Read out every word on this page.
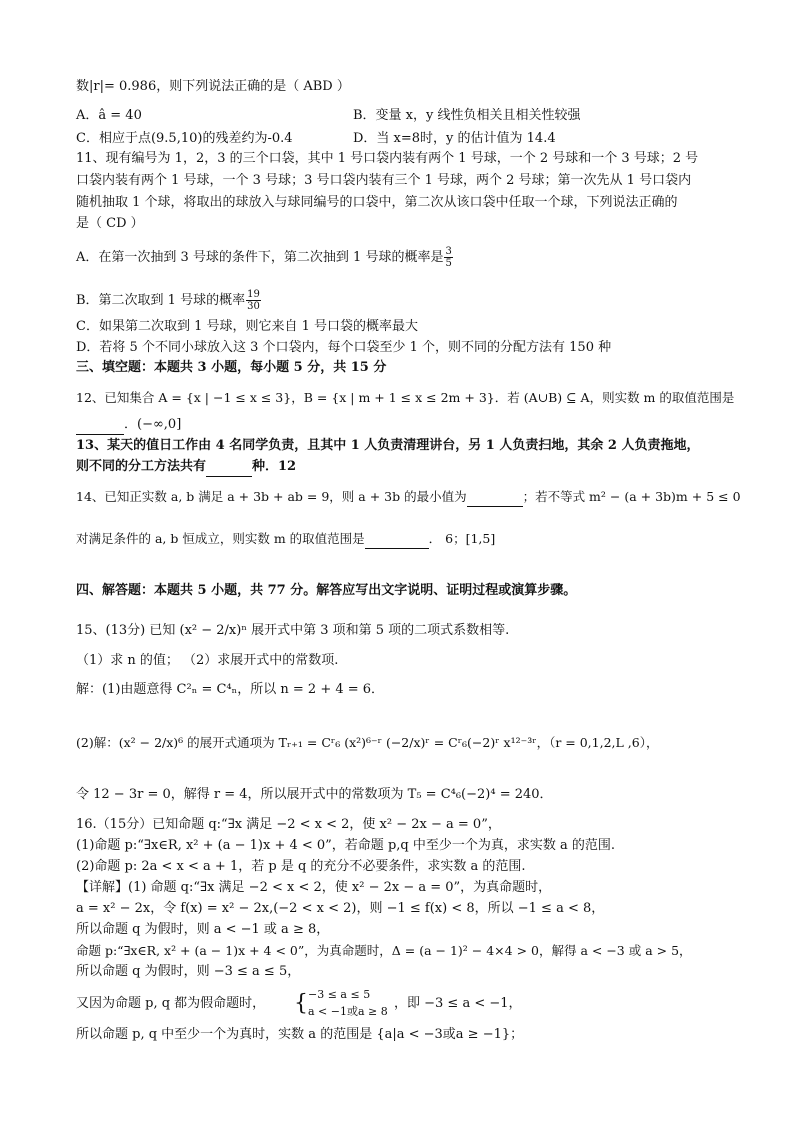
数|r|= 0.986，则下列说法正确的是（ ABD ）
A．â = 40	B．变量 x，y 线性负相关且相关性较强
C．相应于点(9.5,10)的残差约为-0.4	D．当 x=8时，y 的估计值为 14.4
11、现有编号为 1，2，3 的三个口袋，其中 1 号口袋内装有两个 1 号球，一个 2 号球和一个 3 号球；2 号
口袋内装有两个 1 号球，一个 3 号球；3 号口袋内装有三个 1 号球，两个 2 号球；第一次先从 1 号口袋内
随机抽取 1 个球，将取出的球放入与球同编号的口袋中，第二次从该口袋中任取一个球，下列说法正确的
是（ CD ）
A．在第一次抽到 3 号球的条件下，第二次抽到 1 号球的概率是 $\frac{3}{5}$
B．第二次取到 1 号球的概率 $\frac{19}{30}$
C．如果第二次取到 1 号球，则它来自 1 号口袋的概率最大
D．若将 5 个不同小球放入这 3 个口袋内，每个口袋至少 1 个，则不同的分配方法有 150 种
三、填空题：本题共 3 小题，每小题 5 分，共 15 分
12、已知集合 A = {x | −1 ≤ x ≤ 3}，B = {x | m + 1 ≤ x ≤ 2m + 3}．若 (A∪B) ⊆ A，则实数 m 的取值范围是
．(−∞,0]
13、某天的值日工作由 4 名同学负责，且其中 1 人负责清理讲台，另 1 人负责扫地，其余 2 人负责拖地，
则不同的分工方法共有	种．12
14、已知正实数 a, b 满足 a + 3b + ab = 9，则 a + 3b 的最小值为	；若不等式 m² − (a + 3b)m + 5 ≤ 0
对满足条件的 a, b 恒成立，则实数 m 的取值范围是	． 6；[1,5]
四、解答题：本题共 5 小题，共 77 分。解答应写出文字说明、证明过程或演算步骤。
15、(13分) 已知 (x² − 2/x)ⁿ 展开式中第 3 项和第 5 项的二项式系数相等.
（1）求 n 的值； （2）求展开式中的常数项.
解：(1)由题意得 C²ₙ = C⁴ₙ，所以 n = 2 + 4 = 6．
(2)解：(x² − 2/x)⁶ 的展开式通项为 Tᵣ₊₁ = Cʳ₆ (x²)⁶⁻ʳ (−2/x)ʳ = Cʳ₆(−2)ʳ x¹²⁻³ʳ，（r = 0,1,2,L ,6），
令 12 − 3r = 0，解得 r = 4，所以展开式中的常数项为 T₅ = C⁴₆(−2)⁴ = 240．
16.（15分）已知命题 q:“∃x 满足 −2 < x < 2，使 x² − 2x − a = 0”，
(1)命题 p:“∃x∈R, x² + (a − 1)x + 4 < 0”，若命题 p,q 中至少一个为真，求实数 a 的范围.
(2)命题 p: 2a < x < a + 1，若 p 是 q 的充分不必要条件，求实数 a 的范围.
【详解】(1) 命题 q:“∃x 满足 −2 < x < 2，使 x² − 2x − a = 0”，为真命题时，
a = x² − 2x，令 f(x) = x² − 2x,(−2 < x < 2)，则 −1 ≤ f(x) < 8，所以 −1 ≤ a < 8，
所以命题 q 为假时，则 a < −1 或 a ≥ 8，
命题 p:“∃x∈R, x² + (a − 1)x + 4 < 0”，为真命题时，Δ = (a − 1)² − 4×4 > 0，解得 a < −3 或 a > 5，
所以命题 q 为假时，则 −3 ≤ a ≤ 5，
又因为命题 p, q 都为假命题时， { −3 ≤ a ≤ 5
a < −1或a ≥ 8
，即 −3 ≤ a < −1，
所以命题 p, q 中至少一个为真时，实数 a 的范围是 {a|a < −3或a ≥ −1}；
